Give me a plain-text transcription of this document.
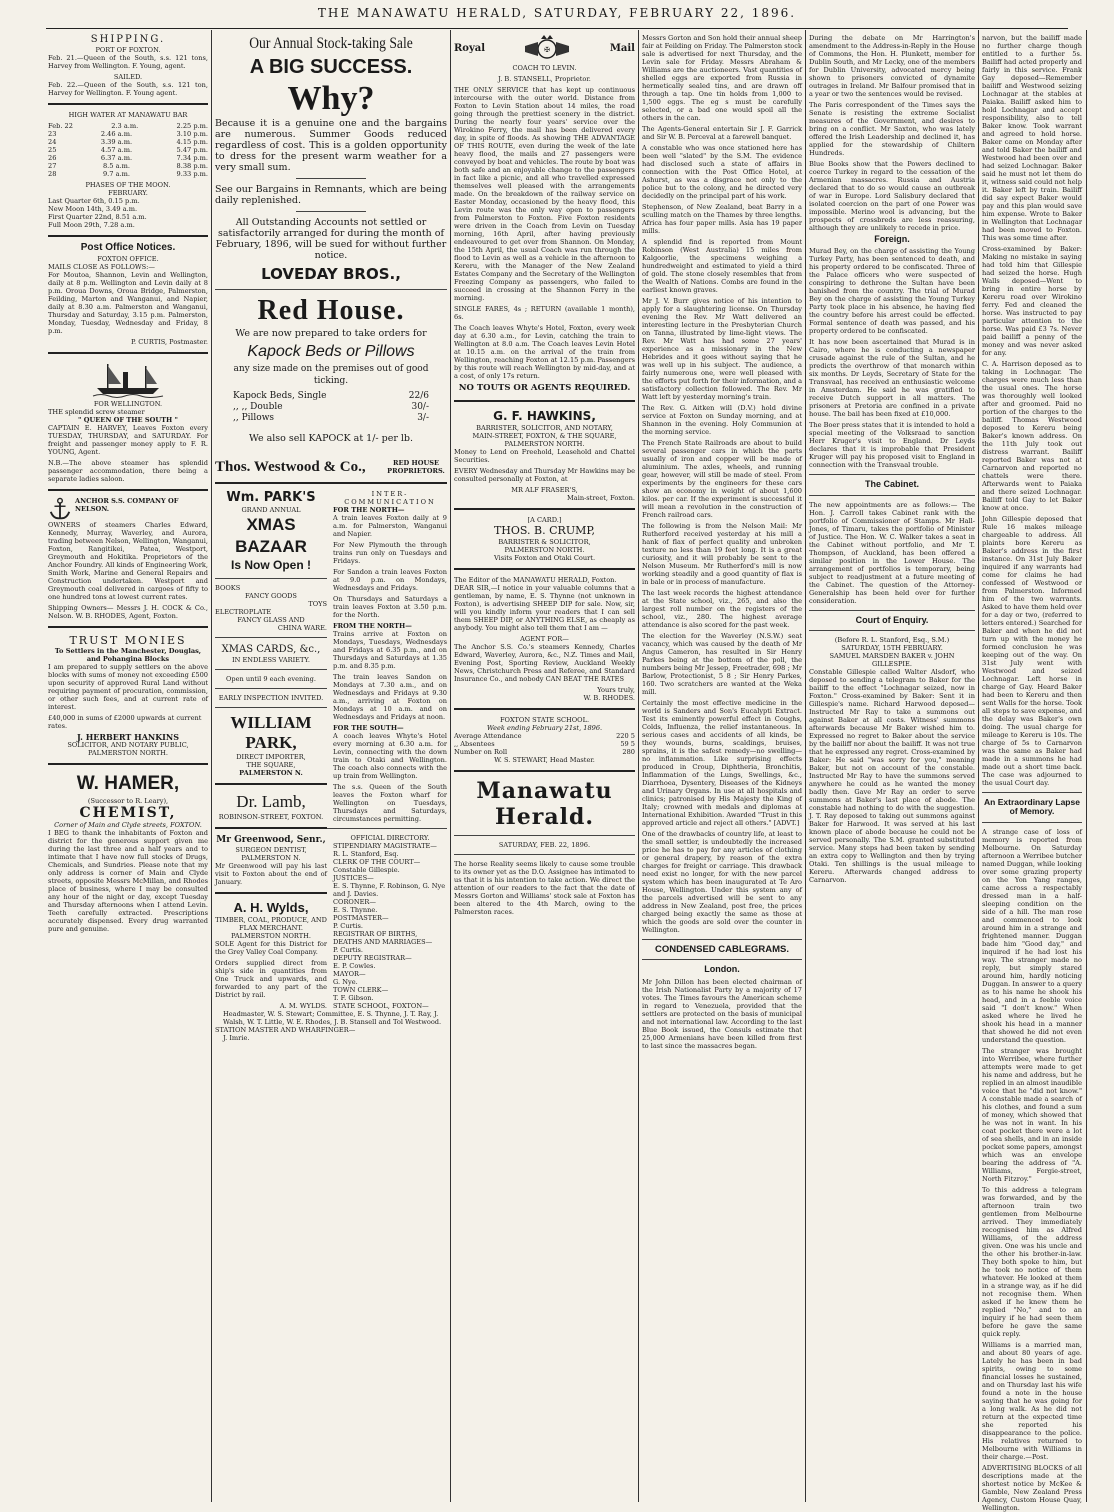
THE MANAWATU HERALD, SATURDAY, FEBRUARY 22, 1896.
SHIPPING.
PORT OF FOXTON.

Feb. 21.—Queen of the South, s.s. 121 tons, Harvey from Wellington. F. Young, agent.

SAILED.

Feb. 22.—Queen of the South, s.s. 121 ton, Harvey for Wellington. F. Young agent.

HIGH WATER AT MANAWATU BAR
Feb. 22	2.3 a.m.	2.25 p.m.
23	2.46 a.m.	3.10 p.m.
24	3.39 a.m.	4.15 p.m.
25	4.57 a.m.	5.47 p.m.
26	6.37 a.m.	7.34 p.m.
27	8.5 a.m.	8.38 p.m.
28	9.7 a.m.	9.33 p.m.
PHASES OF THE MOON.
FEBRUARY.
Last Quarter 6th, 0.15 p.m.
New Moon 14th, 3.49 a.m.
First Quarter 22nd, 8.51 a.m.
Full Moon 29th, 7.28 a.m.
Post Office Notices.
FOXTON OFFICE.
MAILS CLOSE AS FOLLOWS:—

For Moutoa, Shannon, Levin and Wellington, daily at 8 p.m. Wellington and Levin daily at 8 p.m. Oroua Downs, Oroua Bridge, Palmerston, Feilding, Marton and Wanganui, and Napier, daily at 8.30 a.m. Palmerston and Wanganui, Thursday and Saturday, 3.15 p.m. Palmerston, Monday, Tuesday, Wednesday and Friday, 8 p.m.

P. CURTIS, Postmaster.
FOR WELLINGTON.
THE splendid screw steamer
" QUEEN OF THE SOUTH "

CAPTAIN E. HARVEY, Leaves Foxton every TUESDAY, THURSDAY, and SATURDAY. For freight and passenger money apply to F. R. YOUNG, Agent.

N.B.—The above steamer has splendid passenger accommodation, there being a separate ladies saloon.

ANCHOR S.S. COMPANY OF NELSON.

OWNERS of steamers Charles Edward, Kennedy, Murray, Waverley, and Aurora, trading between Nelson, Wellington, Wanganui, Foxton, Rangitikei, Patea, Westport, Greymouth and Hokitika. Proprietors of the Anchor Foundry. All kinds of Engineering Work, Smith Work, Marine and General Repairs and Construction undertaken. Westport and Greymouth coal delivered in cargoes of fifty to one hundred tons at lowest current rates.

Shipping Owners— Messrs J. H. COCK & Co., Nelson. W. B. RHODES, Agent, Foxton.

TRUST MONIES
To Settlers in the Manchester, Douglas, and Pohangina Blocks

I am prepared to supply settlers on the above blocks with sums of money not exceeding £500 upon security of approved Rural Land without requiring payment of procuration, commission, or other such fees, and at current rate of interest.

£40,000 in sums of £2000 upwards at current rates.

J. HERBERT HANKINS
SOLICITOR, AND NOTARY PUBLIC, PALMERSTON NORTH.
W. HAMER,
(Successor to R. Leary),
CHEMIST,
Corner of Main and Clyde streets, FOXTON.

I BEG to thank the inhabitants of Foxton and district for the generous support given me during the last three and a half years and to intimate that I have now full stocks of Drugs, Chemicals, and Sundries. Please note that my only address is corner of Main and Clyde streets, opposite Messrs McMillan, and Rhodes place of business, where I may be consulted any hour of the night or day, except Tuesday and Thursday afternoons when I attend Levin. Teeth carefully extracted. Prescriptions accurately dispensed. Every drug warranted pure and genuine.

Our Annual Stock-taking Sale
A BIG SUCCESS.
Why?

Because it is a genuine one and the bargains are numerous. Summer Goods reduced regardless of cost. This is a golden opportunity to dress for the present warm weather for a very small sum.

See our Bargains in Remnants, which are being daily replenished.

All Outstanding Accounts not settled or satisfactorily arranged for during the month of February, 1896, will be sued for without further notice.

LOVEDAY BROS.,
Red House.
We are now prepared to take orders for
Kapock Beds or Pillows
any size made on the premises out of good ticking.
Kapock Beds, Single	22/6
,, ,, Double	30/-
,, Pillows	3/-
We also sell KAPOCK at 1/- per lb.
Thos. Westwood & Co.,	RED HOUSE PROPRIETORS.
Wm. PARK'S
GRAND ANNUAL
XMAS BAZAAR
Is Now Open !
BOOKS
FANCY GOODS
TOYS
ELECTROPLATE
FANCY GLASS AND
CHINA WARE.
XMAS CARDS, &c.,
IN ENDLESS VARIETY.
Open until 9 each evening.
EARLY INSPECTION INVITED.
WILLIAM PARK,
DIRECT IMPORTER,
THE SQUARE,
PALMERSTON N.
Dr. Lamb,
ROBINSON-STREET, FOXTON.
Mr Greenwood, Senr.,
SURGEON DENTIST,
PALMERSTON N.

Mr Greenwood will pay his last visit to Foxton about the end of January.

A. H. Wylds,
TIMBER, COAL, PRODUCE, AND FLAX MERCHANT.
PALMERSTON NORTH.

SOLE Agent for this District for the Grey Valley Coal Company.

Orders supplied direct from ship's side in quantities from One Truck and upwards, and forwarded to any part of the District by rail.

A. M. WYLDS.
INTER-COMMUNICATION
FOR THE NORTH—

A train leaves Foxton daily at 9 a.m. for Palmerston, Wanganui and Napier.

For New Plymouth the through trains run only on Tuesdays and Fridays.

For Sandon a train leaves Foxton at 9.0 p.m. on Mondays, Wednesdays and Fridays.

On Thursdays and Saturdays a train leaves Foxton at 3.50 p.m. for the North.

FROM THE NORTH—

Trains arrive at Foxton on Mondays, Tuesdays, Wednesdays and Fridays at 6.35 p.m., and on Thursdays and Saturdays at 1.35 p.m. and 8.35 p.m.

The train leaves Sandon on Mondays at 7.30 a.m., and on Wednesdays and Fridays at 9.30 a.m., arriving at Foxton on Mondays at 10 a.m. and on Wednesdays and Fridays at noon.

FOR THE SOUTH—

A coach leaves Whyte's Hotel every morning at 6.30 a.m. for Levin, connecting with the down train to Otaki and Wellington. The coach also connects with the up train from Wellington.

The s.s. Queen of the South leaves the Foxton wharf for Wellington on Tuesdays, Thursdays and Saturdays, circumstances permitting.

OFFICIAL DIRECTORY.
STIPENDIARY MAGISTRATE—
R. L. Stanford, Esq.
CLERK OF THE COURT—
Constable Gillespie.
JUSTICES—
E. S. Thynne, F. Robinson, G. Nye and J. Davies.
CORONER—
E. S. Thynne.
POSTMASTER—
P. Curtis.
REGISTRAR OF BIRTHS, DEATHS AND MARRIAGES—
P. Curtis.
DEPUTY REGISTRAR—
E. P. Cowles.
MAYOR—
G. Nye.
TOWN CLERK—
T. F. Gibson.
STATE SCHOOL, FOXTON—
Headmaster, W. S. Stewart; Committee, E. S. Thynne, J. T. Ray, J. Walsh, W. T. Little, W. E. Rhodes, J. B. Stansell and Tol Westwood.
STATION MASTER AND WHARFINGER—
J. Imrie.
Royal	✠	Mail
COACH TO LEVIN.
J. B. STANSELL, Proprietor.

THE ONLY SERVICE that has kept up continuous intercourse with the outer world. Distance from Foxton to Levin Station about 14 miles, the road going through the prettiest scenery in the district. During the nearly four years' service over the Wirokino Ferry, the mail has been delivered every day, in spite of floods. As showing THE ADVANTAGE OF THIS ROUTE, even during the week of the late heavy flood, the mails and 27 passengers were conveyed by boat and vehicles. The route by boat was both safe and an enjoyable change to the passengers in fact like a picnic, and all who travelled expressed themselves well pleased with the arrangements made. On the breakdown of the railway service on Easter Monday, occasioned by the heavy flood, this Levin route was the only way open to passengers from Palmerston to Foxton. Five Foxton residents were driven in the Coach from Levin on Tuesday morning, 16th April, after having previously endeavoured to get over from Shannon. On Monday, the 15th April, the usual Coach was run through the flood to Levin as well as a vehicle in the afternoon to Kereru, with the Manager of the New Zealand Estates Company and the Secretary of the Wellington Freezing Company as passengers, who failed to succeed in crossing at the Shannon Ferry in the morning.

SINGLE FARES, 4s ; RETURN (available 1 month), 6s.

The Coach leaves Whyte's Hotel, Foxton, every week day at 6.30 a.m., for Levin, catching the train to Wellington at 8.0 a.m. The Coach leaves Levin Hotel at 10.15 a.m. on the arrival of the train from Wellington, reaching Foxton at 12.15 p.m. Passengers by this route will reach Wellington by mid-day, and at a cost, of only 17s return.

NO TOUTS OR AGENTS REQUIRED.
G. F. HAWKINS,
BARRISTER, SOLICITOR, AND NOTARY,
MAIN-STREET, FOXTON, & THE SQUARE, PALMERSTON NORTH.

Money to Lend on Freehold, Leasehold and Chattel Securities.

EVERY Wednesday and Thursday Mr Hawkins may be consulted personally at Foxton, at

MR ALF FRASER'S,
Main-street, Foxton.
[A CARD.]
THOS. B. CRUMP,
BARRISTER & SOLICITOR,
PALMERSTON NORTH.
Visits Foxton and Otaki Court.
The Editor of the MANAWATU HERALD, Foxton.

DEAR SIR,—I notice in your valuable columns that a gentleman, by name, E. S. Thynne (not unknown in Foxton), is advertising SHEEP DIP for sale. Now, sir, will you kindly inform your readers that I can sell them SHEEP DIP, or ANYTHING ELSE, as cheaply as anybody. You might also tell them that I am —

AGENT FOR—

The Anchor S.S. Co.'s steamers Kennedy, Charles Edward, Waverley, Aurora, &c., N.Z. Times and Mail, Evening Post, Sporting Review, Auckland Weekly News, Christchurch Press and Referee, and Standard Insurance Co., and nobody CAN BEAT THE RATES

Yours truly,
W. B. RHODES.
FOXTON STATE SCHOOL.
Week ending February 21st, 1896.
Average Attendance	220 5
,, Absentees	59 5
Number on Roll	280
W. S. STEWART, Head Master.
Manawatu Herald.
SATURDAY, FEB. 22, 1896.

The horse Reality seems likely to cause some trouble to its owner yet as the D.O. Assignee has intimated to us that it is his intention to take action. We direct the attention of our readers to the fact that the date of Messrs Gorton and Williams' stock sale at Foxton has been altered to the 4th March, owing to the Palmerston races.

Messrs Gorton and Son hold their annual sheep fair at Feilding on Friday. The Palmerston stock sale is advertised for next Thursday, and the Levin sale for Friday. Messrs Abraham & Williams are the auctioneers. Vast quantities of shelled eggs are exported from Russia in hermetically sealed tins, and are drawn off through a tap. One tin holds from 1,000 to 1,500 eggs. The eg s must be carefully selected, or a bad one would spoil all the others in the can.

The Agents-General entertain Sir J. F. Garrick and Sir W. B. Perceval at a farewell banquet.

A constable who was once stationed here has been well "slated" by the S.M. The evidence had disclosed such a state of affairs in connection with the Post Office Hotel, at Ashurst, as was a disgrace not only to the police but to the colony, and he directed very decidedly on the principal part of his work.

Stephenson, of New Zealand, beat Barry in a sculling match on the Thames by three lengths. Africa has four paper mills. Asia has 19 paper mills.

A splendid find is reported from Mount Robinson (West Australia) 15 miles from Kalgoorlie, the specimens weighing a hundredweight and estimated to yield a third of gold. The stone closely resembles that from the Wealth of Nations. Combs are found in the earliest known graves.

Mr J. V. Burr gives notice of his intention to apply for a slaughtering license. On Thursday evening the Rev. Mr Watt delivered an interesting lecture in the Presbyterian Church on Tanna, illustrated by lime-light views. The Rev. Mr Watt has had some 27 years' experience as a missionary in the New Hebrides and it goes without saying that he was well up in his subject. The audience, a fairly numerous one, were well pleased with the efforts put forth for their information, and a satisfactory collection followed. The Rev. Mr Watt left by yesterday morning's train.

The Rev. G. Aitken will (D.V.) hold divine service at Foxton on Sunday morning, and at Shannon in the evening. Holy Communion at the morning service.

The French State Railroads are about to build several passenger cars in which the parts usually of iron and copper will be made of aluminium. The axles, wheels, and running gear, however, will still be made of steel. From experiments by the engineers for these cars show an economy in weight of about 1,600 kilos. per car. If the experiment is successful it will mean a revolution in the construction of French railroad cars.

The following is from the Nelson Mail: Mr Rutherford received yesterday at his mill a hank of flax of perfect quality and unbroken texture no less than 19 feet long. It is a great curiosity, and it will probably be sent to the Nelson Museum. Mr Rutherford's mill is now working steadily and a good quantity of flax is in bale or in process of manufacture.

The last week records the highest attendance at the State school, viz., 265, and also the largest roll number on the registers of the school, viz., 280. The highest average attendance is also scored for the past week.

The election for the Waverley (N.S.W.) seat vacancy, which was caused by the death of Mr Angus Cameron, has resulted in Sir Henry Parkes being at the bottom of the poll, the numbers being Mr Jessep, Freetrader, 698 ; Mr Barlow, Protectionist, 5 8 ; Sir Henry Parkes, 160. Two scratchers are wanted at the Weka mill.

Certainly the most effective medicine in the world is Sanders and Son's Eucalypti Extract. Test its eminently powerful effect in Coughs, Colds, Influenza, the relief instantaneous. In serious cases and accidents of all kinds, be they wounds, burns, scaldings, bruises, sprains, it is the safest remedy—no swelling—no inflammation. Like surprising effects produced in Croup, Diphtheria, Bronchitis, Inflammation of the Lungs, Swellings, &c., Diarrhoea, Dysentery, Diseases of the Kidneys and Urinary Organs. In use at all hospitals and clinics; patronised by His Majesty the King of Italy; crowned with medals and diplomas at International Exhibition. Awarded "Trust in this approved article and reject all others." [ADVT.]

One of the drawbacks of country life, at least to the small settler, is undoubtedly the increased price he has to pay for any articles of clothing or general drapery, by reason of the extra charges for freight or carriage. This drawback need exist no longer, for with the new parcel system which has been inaugurated at Te Aro House, Wellington. Under this system any of the parcels advertised will be sent to any address in New Zealand, post free, the prices charged being exactly the same as those at which the goods are sold over the counter in Wellington.

CONDENSED CABLEGRAMS.
London.

Mr John Dillon has been elected chairman of the Irish Nationalist Party by a majority of 17 votes. The Times favours the American scheme in regard to Venezuela, provided that the settlers are protected on the basis of municipal and not international law. According to the last Blue Book issued, the Consuls estimate that 25,000 Armenians have been killed from first to last since the massacres began.

During the debate on Mr Harrington's amendment to the Address-in-Reply in the House of Commons, the Hon. H. Plunkett, member for Dublin South, and Mr Lecky, one of the members for Dublin University, advocated mercy being shown to prisoners convicted of dynamite outrages in Ireland. Mr Balfour promised that in a year or two the sentences would be revised.

The Paris correspondent of the Times says the Senate is resisting the extreme Socialist measures of the Government, and desires to bring on a conflict. Mr Saxton, who was lately offered the Irish Leadership and declined it, has applied for the stewardship of Chiltern Hundreds.

Blue Books show that the Powers declined to coerce Turkey in regard to the cessation of the Armenian massacres. Russia and Austria declared that to do so would cause an outbreak of war in Europe. Lord Salisbury declared that isolated coercion on the part of one Power was impossible. Merino wool is advancing, but the prospects of crossbreds are less reassuring, although they are unlikely to recede in price.

Foreign.

Murad Bey, on the charge of assisting the Young Turkey Party, has been sentenced to death, and his property ordered to be confiscated. Three of the Palace officers who were suspected of conspiring to dethrone the Sultan have been banished from the country. The trial of Murad Bey on the charge of assisting the Young Turkey Party took place in his absence, he having fled the country before his arrest could be effected. Formal sentence of death was passed, and his property ordered to be confiscated.

It has now been ascertained that Murad is in Cairo, where he is conducting a newspaper crusade against the rule of the Sultan, and he predicts the overthrow of that monarch within six months. Dr Leyds, Secretary of State for the Transvaal, has received an enthusiastic welcome in Amsterdam. He said he was gratified to receive Dutch support in all matters. The prisoners at Pretoria are confined in a private house. The bail has been fixed at £10,000.

The Boer press states that it is intended to hold a special meeting of the Volksraad to sanction Herr Kruger's visit to England. Dr Leyds declares that it is improbable that President Kruger will pay his proposed visit to England in connection with the Transvaal trouble.

The Cabinet.

The new appointments are as follows:— The Hon. J. Carroll takes Cabinet rank with the portfolio of Commissioner of Stamps. Mr Hall-Jones, of Timaru, takes the portfolio of Minister of Justice. The Hon. W. C. Walker takes a seat in the Cabinet without portfolio, and Mr T. Thompson, of Auckland, has been offered a similar position in the Lower House. The arrangement of portfolios is temporary, being subject to readjustment at a future meeting of the Cabinet. The question of the Attorney-Generalship has been held over for further consideration.

Court of Enquiry.
(Before R. L. Stanford, Esq., S.M.)
SATURDAY, 15TH FEBRUARY.
SAMUEL MARSDEN BAKER v. JOHN GILLESPIE.

Constable Gillespie called Walter Alsdorf, who deposed to sending a telegram to Baker for the bailiff to the effect "Lochnagar seized, now in Foxton." Cross-examined by Baker: Sent it in Gillespie's name. Richard Harwood deposed—Instructed Mr Ray to take a summons out against Baker at all costs. Witness' summons afterwards because Mr Baker wished him to. Expressed no regret to Baker about the service by the bailiff nor about the bailiff. It was not true that he expressed any regret. Cross-examined by Baker: He said "was sorry for you," meaning Baker, but not on account of the constable. Instructed Mr Ray to have the summons served anywhere he could as he wanted the money badly then. Gave Mr Ray an order to serve summons at Baker's last place of abode. The constable had nothing to do with the suggestion. J. T. Ray deposed to taking out summons against Baker for Harwood. It was served at his last known place of abode because he could not be served personally. The S.M. granted substituted service. Many steps had been taken by sending an extra copy to Wellington and then by trying Otaki. Ten shillings is the usual mileage to Kereru. Afterwards changed address to Carnarvon.

narvon, but the bailiff made no further charge though entitled to a further 5s. Bailiff had acted properly and fairly in this service. Frank Gay deposed—Remember bailiff and Westwood seizing Lochnagar at the stables at Paiaka. Bailiff asked him to hold Lochnagar and accept responsibility, also to tell Baker know. Took warrant and agreed to hold horse. Baker came on Monday after and told Baker the bailiff and Westwood had been over and had seized Lochnagar. Baker said he must not let them do it, witness said could not help it. Baker left by train. Bailiff did say expect Baker would pay and this plan would save him expense. Wrote to Baker in Wellington that Lochnagar had been moved to Foxton. This was some time after.

Cross-examined by Baker: Making no mistake in saying had told him that Gillespie had seized the horse. Hugh Walls deposed—Went to bring in entire horse by Kereru road over Wirokino ferry. Fed and cleaned the horse. Was instructed to pay particular attention to the horse. Was paid £3 7s. Never paid bailiff a penny of the money and was never asked for any.

C. A. Harrison deposed as to taking in Lochnagar. The charges were much less than the usual ones. The horse was thoroughly well looked after and groomed. Paid no portion of the charges to the bailiff. Thomas Westwood deposed to Kereru being Baker's known address. On the 11th July took out distress warrant. Bailiff reported Baker was not at Carnarvon and reported no chattels were there. Afterwards went to Paiaka and there seized Lochnagar. Bailiff told Gay to let Baker know at once.

John Gillespie deposed that Rule 16 makes mileage chargeable to address. All plaints bore Kereru as Baker's address in the first instance. On 31st July Baker inquired if any warrants had come for claims he had confessed of Westwood or from Palmerston. Informed him of the two warrants. Asked to have them held over for a day or two, (referred to letters entered.) Searched for Baker and when he did not turn up with the money he formed conclusion he was keeping out of the way. On 31st July went with Westwood and seized Lochnagar. Left horse in charge of Gay. Heard Baker had been to Kereru and then sent Walls for the horse. Took all steps to save expense, and the delay was Baker's own doing. The usual charge for mileage to Kereru is 10s. The charge of 5s to Carnarvon was the same as Baker had made in a summons he had made out a short time back. The case was adjourned to the usual Court day.

An Extraordinary Lapse of Memory.

A strange case of loss of memory is reported from Melbourne. On Saturday afternoon a Werribee butcher named Duggan, while looking over some grazing property on the Yon Yang ranges, came across a respectably dressed man in a half-sleeping condition on the side of a hill. The man rose and commenced to look around him in a strange and frightened manner. Duggan bade him "Good day," and inquired if he had lost his way. The stranger made no reply, but simply stared around him, hardly noticing Duggan. In answer to a query as to his name he shook his head, and in a feeble voice said "I don't know." When asked where he lived he shook his head in a manner that showed he did not even understand the question.

The stranger was brought into Werribee, where further attempts were made to get his name and address, but he replied in an almost inaudible voice that he "did not know." A constable made a search of his clothes, and found a sum of money, which showed that he was not in want. In his coat pocket there were a lot of sea shells, and in an inside pocket some papers, amongst which was an envelope bearing the address of "A. Williams, Fergie-street, North Fitzroy."

To this address a telegram was forwarded, and by the afternoon train two gentlemen from Melbourne arrived. They immediately recognised him as Alfred Williams, of the address given. One was his uncle and the other his brother-in-law. They both spoke to him, but he took no notice of them whatever. He looked at them in a strange way, as if he did not recognise them. When asked if he knew them he replied "No," and to an inquiry if he had seen them before he gave the same quick reply.

Williams is a married man, and about 80 years of age. Lately he has been in bad spirits, owing to some financial losses he sustained, and on Thursday last his wife found a note in the house saying that he was going for a long walk. As he did not return at the expected time she reported his disappearance to the police. His relatives returned to Melbourne with Williams in their charge.—Post.

ADVERTISING BLOCKS of all descriptions made at the shortest notice by McKee & Gamble, New Zealand Press Agency, Custom House Quay, Wellington.
